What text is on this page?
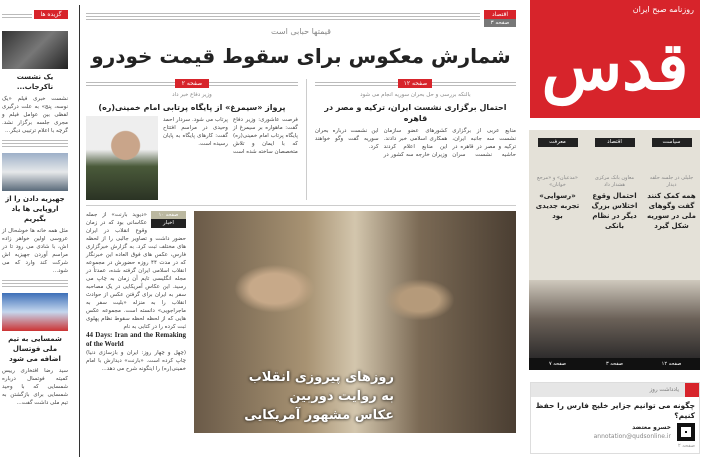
گزیده ها
یک نشست ناکرجاب...
نشست خبری فیلم «یک نوسه، پنج» به علت درگیری لفظی بین عوامل فیلم و مجری جلسه برگزار نشد. گرچه با اعلام ترتیبی دیگر...
جهیزیه دادن را از اروپایی ها یاد بگیریم
مثل همه خانه ها خوشحال از عروسی اولین خواهر زاده اش، با شادی می رود تا در مراسم آوردن جهیزیه اش شرکت کند وارد که می شود...
شمسایی به تیم ملی فوتسال اضافه می شود
سید رضا افتخاری رییس کمیته فوتسال درباره شمسایی که با وحید شمسایی برای بازگشتن به تیم ملی داشت گفت...
اقتصاد
صفحه ۳
قیمتها حبابی است
شمارش معکوس برای سقوط قیمت خودرو
صفحه ۱۲
بالنکه بررسی و حل بحران سوریه انجام می شود
احتمال برگزاری نشست ایران، ترکیه و مصر در قاهره
منابع عربی از برگزاری نشست سه جانبه ایران، ترکیه و مصر در قاهره در حاشیه نشست سران کشورهای عضو سازمان همکاری اسلامی خبر دادند. این منابع اعلام کردند وزیران خارجه سه کشور در این نشست درباره بحران سوریه گفت وگو خواهند کرد.
صفحه ۲
وزیر دفاع خبر داد
پرواز «سیمرغ» از پایگاه پرتابی امام خمینی(ره)
فرصت عاشوری: وزیر دفاع گفت: ماهواره بر سیمرغ از پایگاه پرتاب امام خمینی(ره) که با ایمان و تلاش متخصصان ساخته شده است پرتاب می شود. سردار احمد وحیدی در مراسم افتتاح گفت: کارهای پایگاه به پایان رسیده است.
روزهای پیروزی انقلاب
به روایت دوربین
عکاس مشهور آمریکایی
صفحه ۱۰
اخبار
«دیوید بارنت» از جمله عکاسانی بود که در زمان وقوع انقلاب در ایران حضور داشت و تصاویر جالبی را از لحظه های مختلف ثبت کرد. به گزارش خبرگزاری فارس، عکس های فوق العاده این خبرنگار که در مدت ۴۴ روزه حضورش در مجموعه انقلاب اسلامی ایران گرفته شده، عمدتاً در مجله انگلیسی تایم آن زمان به چاپ می رسید. این عکاس آمریکایی در یک مصاحبه سفر به ایران برای گرفتن عکس از حوادث انقلاب را به منزله «بلیت سفر به ماجراجویی» دانسته است. مجموعه عکس هایی که از لحظه لحظه سقوط نظام پهلوی ثبت کرده را در کتابی به نام
44 Days: Iran and the Remaking of the World
(چهل و چهار روز: ایران و بازسازی دنیا) چاپ کرده است. «بارنت» دیدارش با امام خمینی(ره) را اینگونه شرح می دهد...
روزنامه صبح ایران
قدس
سیاست
جلیلی در جلسه حلقه دیدار
همه کمک کنند گفت وگوهای ملی در سوریه شکل گیرد
صفحه ۱۲
اقتصاد
معاون بانک مرکزی هشدار داد
احتمال وقوع اختلاس بزرگ دیگر در نظام بانکی
صفحه ۳
معرفت
«مدعیان» و «مرجع خوانان»
«رسوایی» تجربه جدیدی بود
صفحه ۷
یادداشت روز
چگونه می توانیم جزایر خلیج فارس را حفظ کنیم؟
خسرو معتضد
annotation@qudsonline.ir
صفحه ۲
